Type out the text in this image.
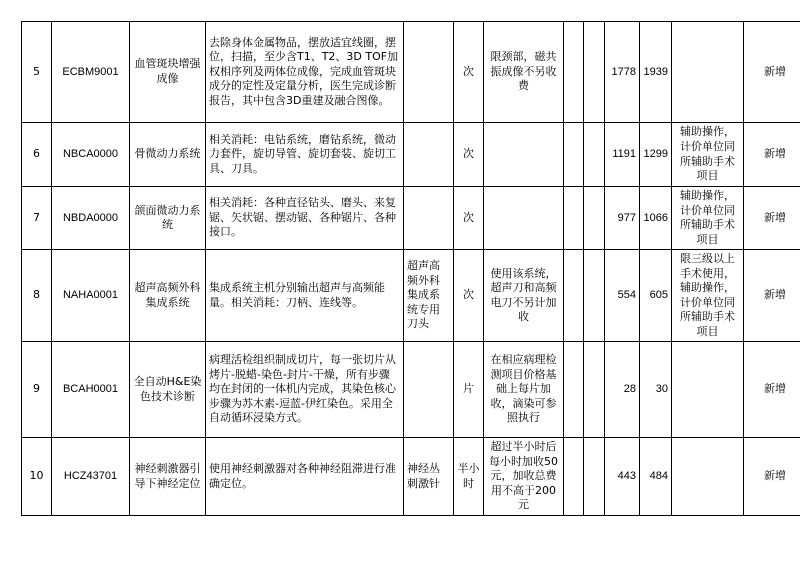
5	ECBM9001	血管斑块增强成像	去除身体金属物品，摆放适宜线圈，摆位，扫描，至少含T1、T2、3D TOF加权相序列及两体位成像，完成血管斑块成分的定性及定量分析，医生完成诊断报告，其中包含3D重建及融合图像。		次	限颈部，磁共振成像不另收费			1778	1939		新增
6	NBCA0000	骨微动力系统	相关消耗：电钻系统，磨钻系统，微动力套件，旋切导管、旋切套装、旋切工具、刀具。		次				1191	1299	辅助操作，计价单位同所辅助手术项目	新增
7	NBDA0000	颌面微动力系统	相关消耗：各种直径钻头、磨头、来复锯、矢状锯、摆动锯、各种锯片、各种接口。		次				977	1066	辅助操作，计价单位同所辅助手术项目	新增
8	NAHA0001	超声高频外科集成系统	集成系统主机分别输出超声与高频能量。相关消耗：刀柄、连线等。	超声高频外科集成系统专用刀头	次	使用该系统，超声刀和高频电刀不另计加收			554	605	限三级以上手术使用，辅助操作，计价单位同所辅助手术项目	新增
9	BCAH0001	全自动H&E染色技术诊断	病理活检组织制成切片，每一张切片从烤片-脱蜡-染色-封片-干燥，所有步骤均在封闭的一体机内完成，其染色核心步骤为苏木素-逗蓝-伊红染色。采用全自动循环浸染方式。		片	在相应病理检测项目价格基础上每片加收，滴染可参照执行			28	30		新增
10	HCZ43701	神经刺激器引导下神经定位	使用神经刺激器对各种神经阻滞进行准确定位。	神经丛刺激针	半小时	超过半小时后每小时加收50元，加收总费用不高于200元			443	484		新增
